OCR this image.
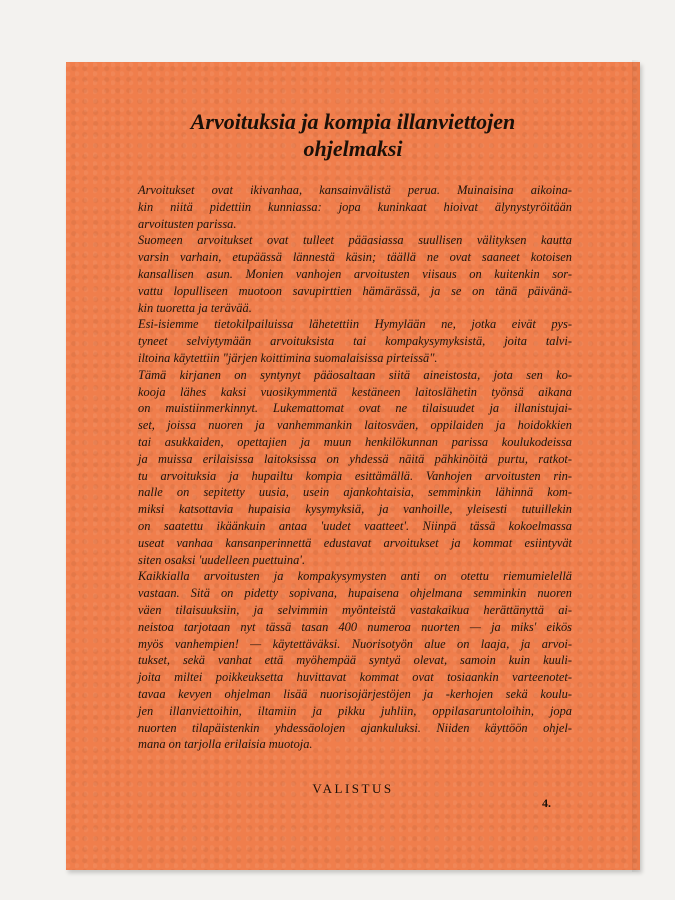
Arvoituksia ja kompia illanviettojen
ohjelmaksi

Arvoitukset ovat ikivanhaa, kansainvälistä perua. Muinaisina aikoina-
kin niitä pidettiin kunniassa: jopa kuninkaat hioivat älynystyröitään
arvoitusten parissa.

Suomeen arvoitukset ovat tulleet pääasiassa suullisen välityksen kautta
varsin varhain, etupäässä lännestä käsin; täällä ne ovat saaneet kotoisen
kansallisen asun. Monien vanhojen arvoitusten viisaus on kuitenkin sor-
vattu lopulliseen muotoon savupirttien hämärässä, ja se on tänä päivänä-
kin tuoretta ja terävää.

Esi-isiemme tietokilpailuissa lähetettiin Hymylään ne, jotka eivät pys-
tyneet selviytymään arvoituksista tai kompakysymyksistä, joita talvi-
iltoina käytettiin "järjen koittimina suomalaisissa pirteissä".

Tämä kirjanen on syntynyt pääosaltaan siitä aineistosta, jota sen ko-
kooja lähes kaksi vuosikymmentä kestäneen laitoslähetin työnsä aikana
on muistiinmerkinnyt. Lukemattomat ovat ne tilaisuudet ja illanistujai-
set, joissa nuoren ja vanhemmankin laitosväen, oppilaiden ja hoidokkien
tai asukkaiden, opettajien ja muun henkilökunnan parissa koulukodeissa
ja muissa erilaisissa laitoksissa on yhdessä näitä pähkinöitä purtu, ratkot-
tu arvoituksia ja hupailtu kompia esittämällä. Vanhojen arvoitusten rin-
nalle on sepitetty uusia, usein ajankohtaisia, semminkin lähinnä kom-
miksi katsottavia hupaisia kysymyksiä, ja vanhoille, yleisesti tutuillekin
on saatettu ikäänkuin antaa 'uudet vaatteet'. Niinpä tässä kokoelmassa
useat vanhaa kansanperinnettä edustavat arvoitukset ja kommat esiintyvät
siten osaksi 'uudelleen puettuina'.

Kaikkialla arvoitusten ja kompakysymysten anti on otettu riemumielellä
vastaan. Sitä on pidetty sopivana, hupaisena ohjelmana semminkin nuoren
väen tilaisuuksiin, ja selvimmin myönteistä vastakaikua herättänyttä ai-
neistoa tarjotaan nyt tässä tasan 400 numeroa nuorten — ja miks' eikös
myös vanhempien! — käytettäväksi. Nuorisotyön alue on laaja, ja arvoi-
tukset, sekä vanhat että myöhempää syntyä olevat, samoin kuin kuuli-
joita miltei poikkeuksetta huvittavat kommat ovat tosiaankin varteenotet-
tavaa kevyen ohjelman lisää nuorisojärjestöjen ja -kerhojen sekä koulu-
jen illanviettoihin, iltamiin ja pikku juhliin, oppilasaruntoloihin, jopa
nuorten tilapäistenkin yhdessäolojen ajankuluksi. Niiden käyttöön ohjel-
mana on tarjolla erilaisia muotoja.

VALISTUS
4.
